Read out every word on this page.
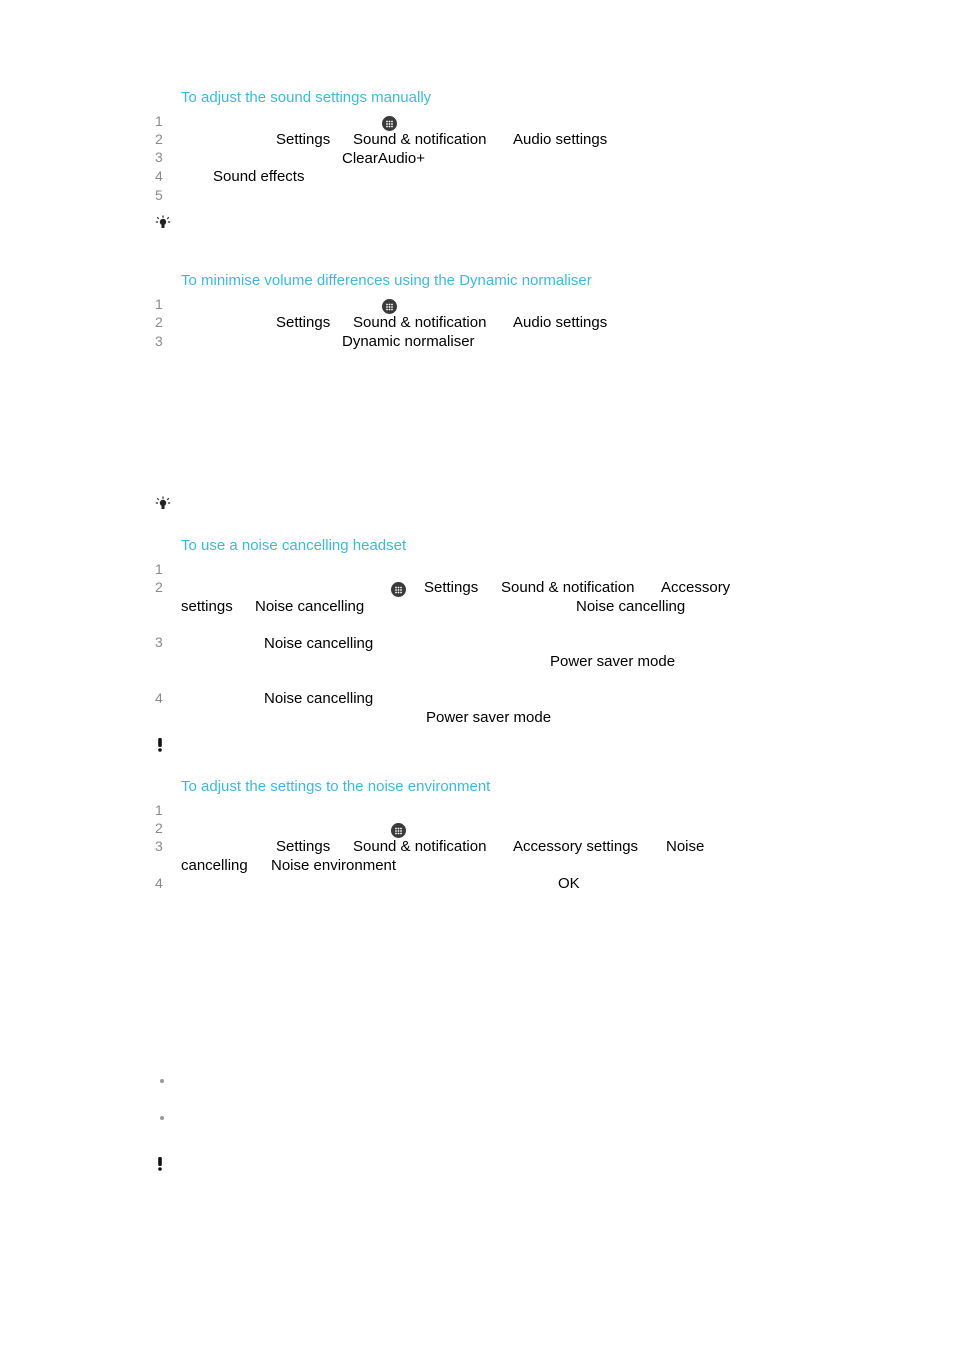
To adjust the sound settings manually
1
2	Settings Sound & notification Audio settings
3	ClearAudio+
4	Sound effects
5
To minimise volume differences using the Dynamic normaliser
1
2	Settings Sound & notification Audio settings
3	Dynamic normaliser
To use a noise cancelling headset
1
2	Settings Sound & notification Accessory
settings Noise cancelling	Noise cancelling
3	Noise cancelling
Power saver mode
4	Noise cancelling
Power saver mode
To adjust the settings to the noise environment
1
2
3	Settings Sound & notification Accessory settings Noise
cancelling Noise environment
4	OK
